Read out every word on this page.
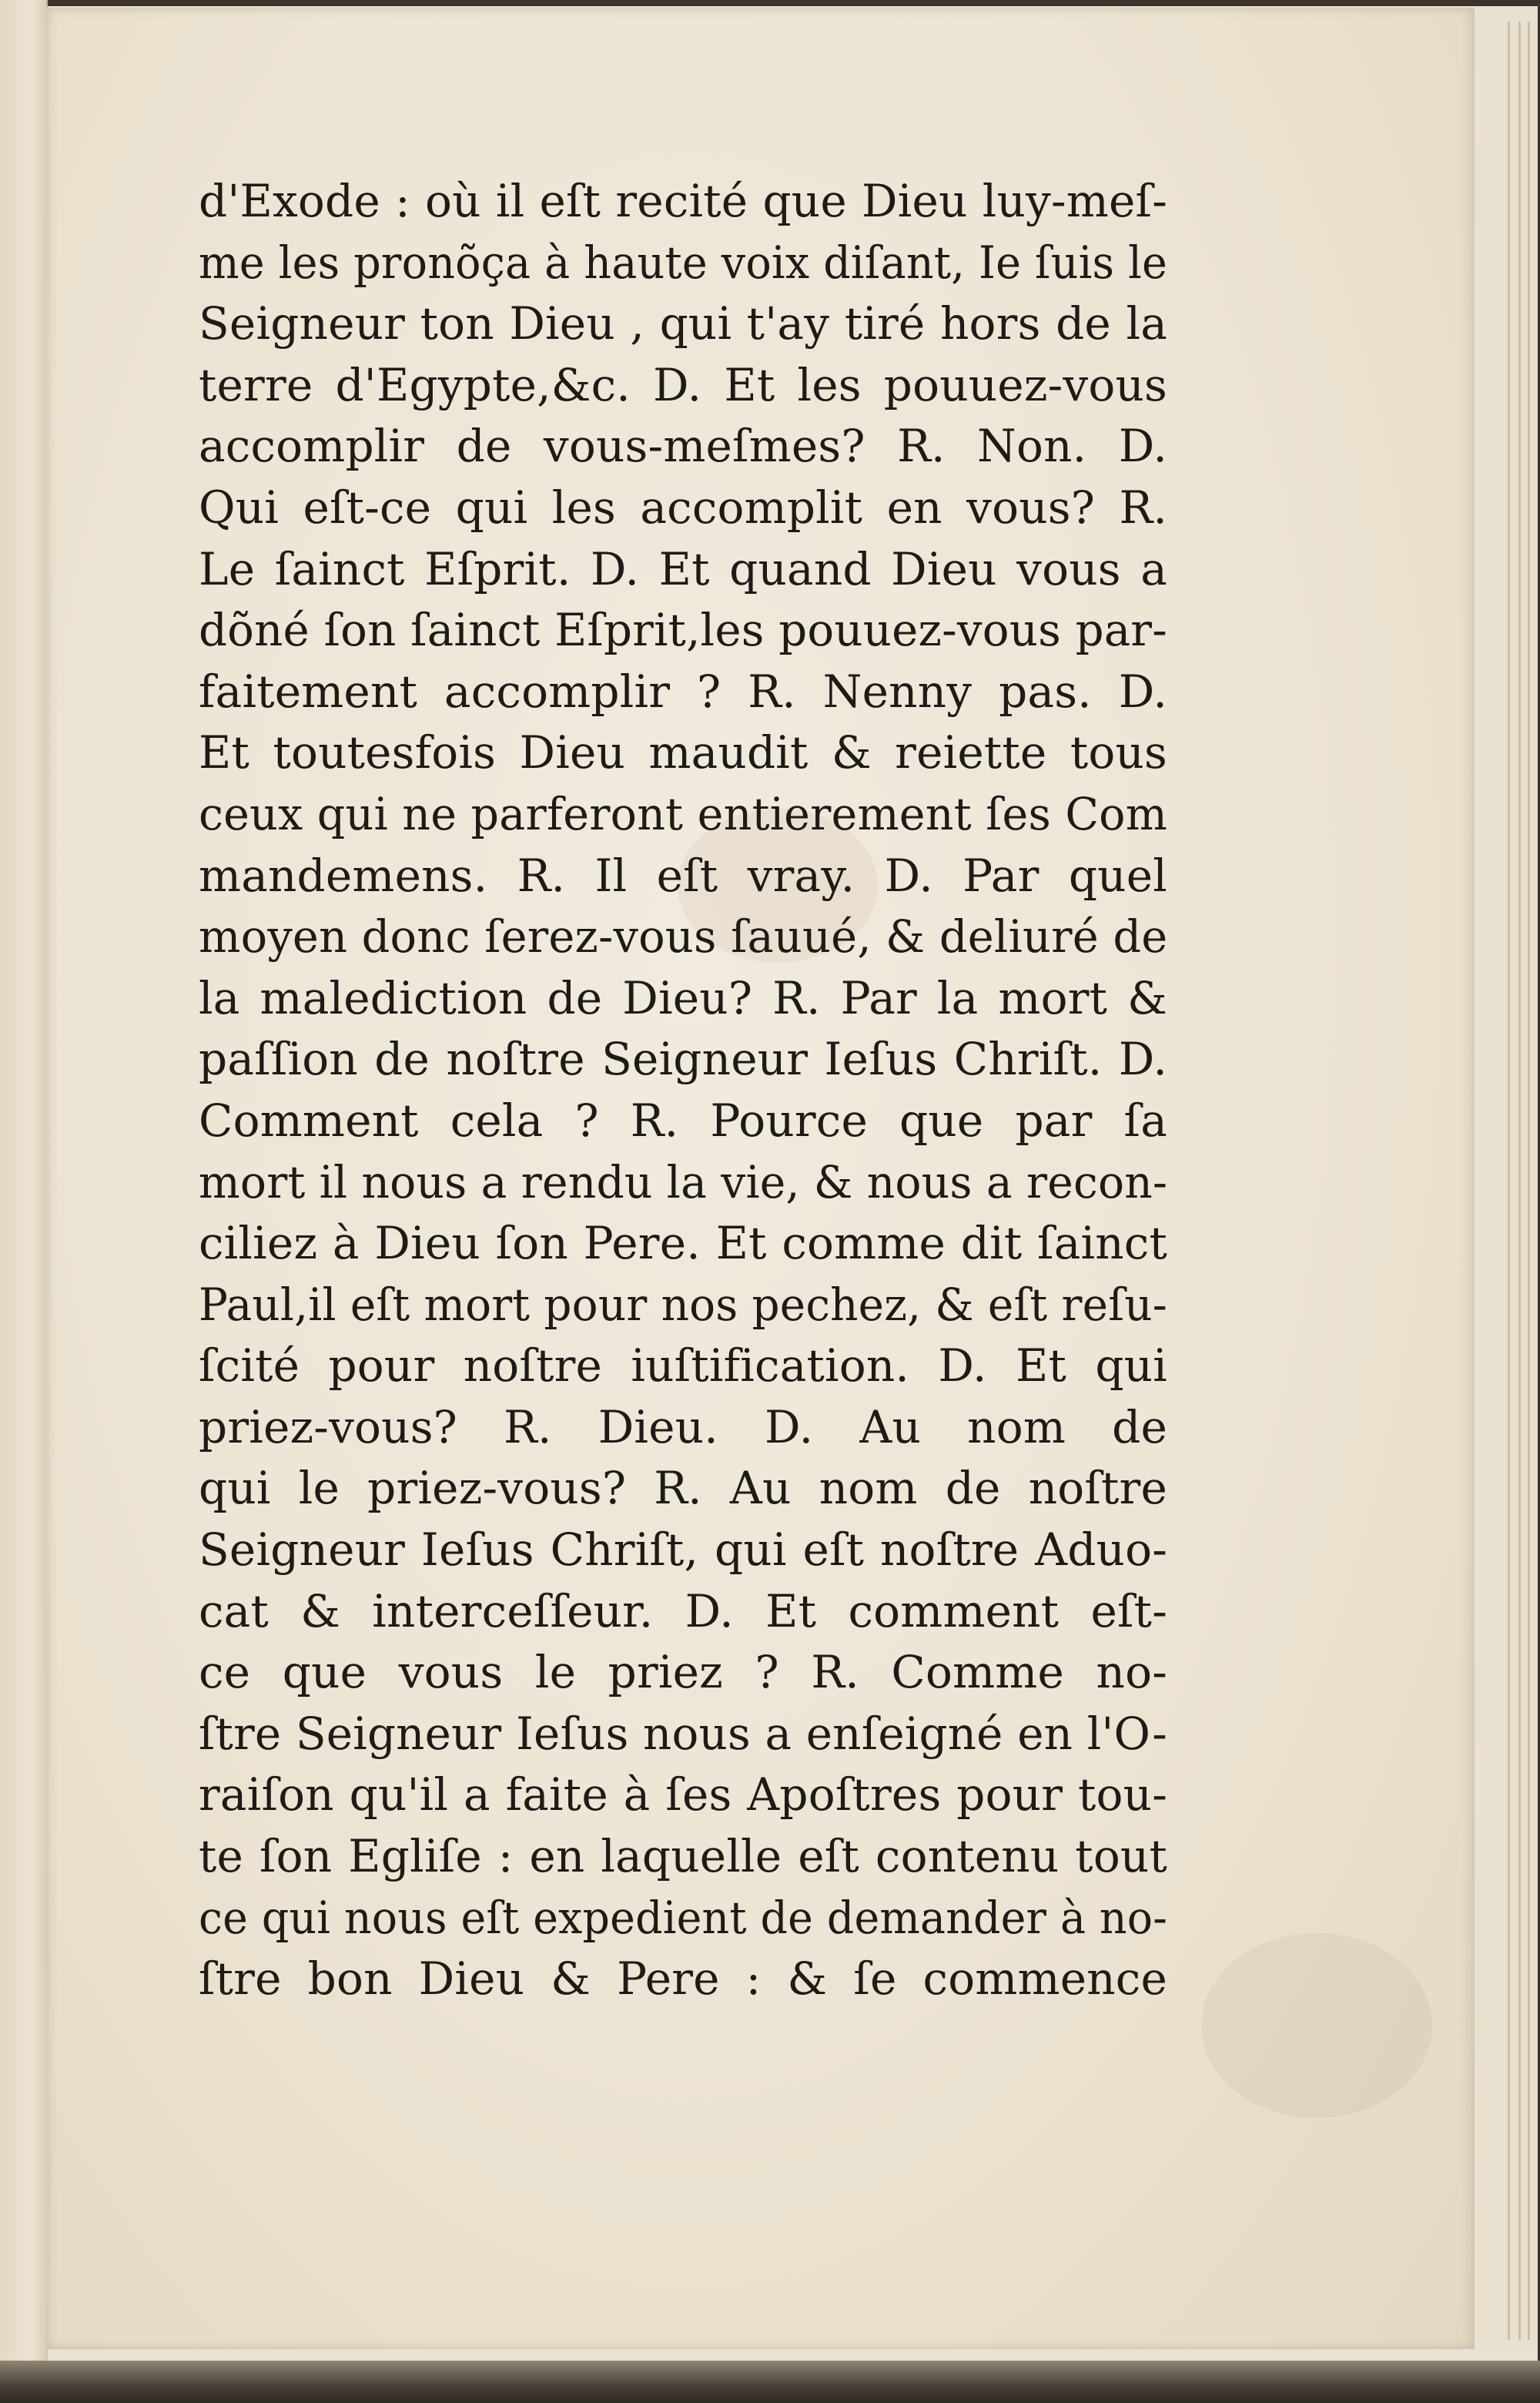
d'Exode : où il eſt recité que Dieu luy-meſ-
me les pronõça à haute voix diſant, Ie ſuis le
Seigneur ton Dieu , qui t'ay tiré hors de la
terre d'Egypte,&c. D. Et les pouuez-vous
accomplir de vous-meſmes? R. Non. D.
Qui eſt-ce qui les accomplit en vous? R.
Le ſainct Eſprit. D. Et quand Dieu vous a
dõné ſon ſainct Eſprit,les pouuez-vous par-
faitement accomplir ? R. Nenny pas. D.
Et toutesfois Dieu maudit & reiette tous
ceux qui ne parferont entierement ſes Com
mandemens. R. Il eſt vray. D. Par quel
moyen donc ſerez-vous ſauué, & deliuré de
la malediction de Dieu? R. Par la mort &
paſſion de noſtre Seigneur Ieſus Chriſt. D.
Comment cela ? R. Pource que par ſa
mort il nous a rendu la vie, & nous a recon-
ciliez à Dieu ſon Pere. Et comme dit ſainct
Paul,il eſt mort pour nos pechez, & eſt reſu-
ſcité pour noſtre iuſtification. D. Et qui
priez-vous? R. Dieu. D. Au nom de
qui le priez-vous? R. Au nom de noſtre
Seigneur Ieſus Chriſt, qui eſt noſtre Aduo-
cat & interceſſeur. D. Et comment eſt-
ce que vous le priez ? R. Comme no-
ſtre Seigneur Ieſus nous a enſeigné en l'O-
raiſon qu'il a faite à ſes Apoſtres pour tou-
te ſon Egliſe : en laquelle eſt contenu tout
ce qui nous eſt expedient de demander à no-
ſtre bon Dieu & Pere : & ſe commence
